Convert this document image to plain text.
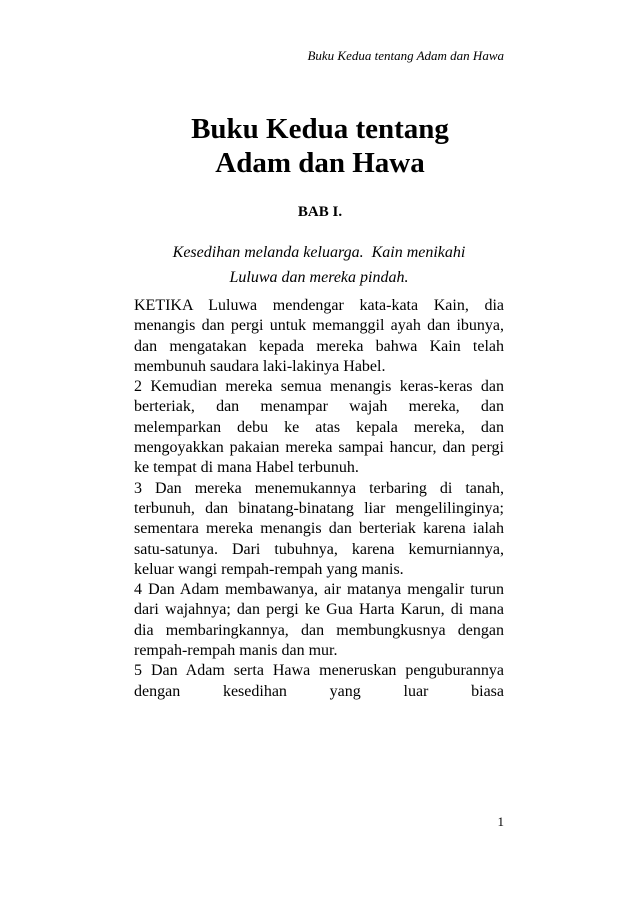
Buku Kedua tentang Adam dan Hawa
Buku Kedua tentang
Adam dan Hawa
BAB I.
Kesedihan melanda keluarga.  Kain menikahi
Luluwa dan mereka pindah.

KETIKA Luluwa mendengar kata-kata Kain, dia menangis dan pergi untuk memanggil ayah dan ibunya, dan mengatakan kepada mereka bahwa Kain telah membunuh saudara laki-lakinya Habel.

2 Kemudian mereka semua menangis keras-keras dan berteriak, dan menampar wajah mereka, dan melemparkan debu ke atas kepala mereka, dan mengoyakkan pakaian mereka sampai hancur, dan pergi ke tempat di mana Habel terbunuh.

3 Dan mereka menemukannya terbaring di tanah, terbunuh, dan binatang-binatang liar mengelilinginya; sementara mereka menangis dan berteriak karena ialah satu-satunya. Dari tubuhnya, karena kemurniannya, keluar wangi rempah-rempah yang manis.

4 Dan Adam membawanya, air matanya mengalir turun dari wajahnya; dan pergi ke Gua Harta Karun, di mana dia membaringkannya, dan membungkusnya dengan rempah-rempah manis dan mur.

5 Dan Adam serta Hawa meneruskan penguburannya dengan kesedihan yang luar biasa

1
